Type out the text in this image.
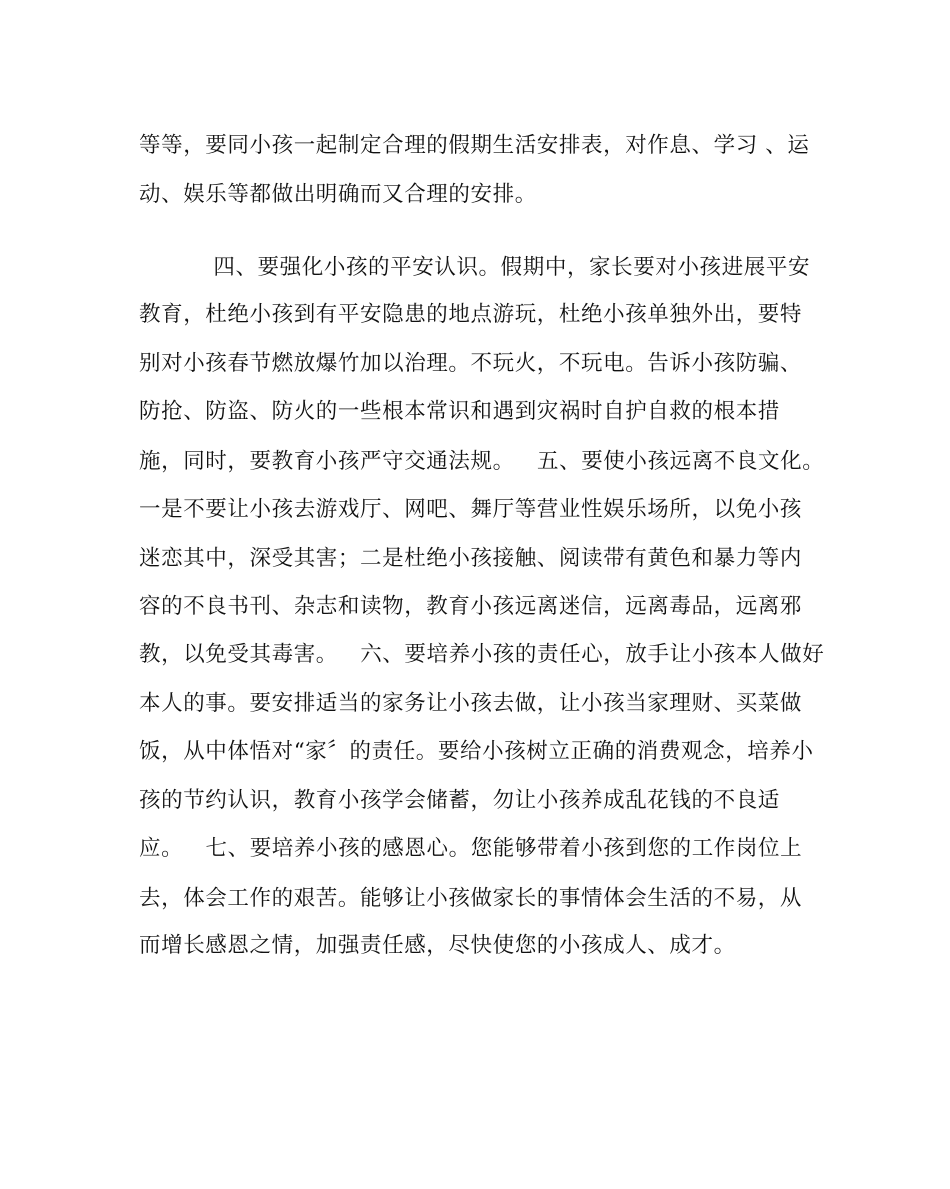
等等，要同小孩一起制定合理的假期生活安排表，对作息、学习 、运
动、娱乐等都做出明确而又合理的安排。
四、要强化小孩的平安认识。假期中，家长要对小孩进展平安
教育，杜绝小孩到有平安隐患的地点游玩，杜绝小孩单独外出，要特
别对小孩春节燃放爆竹加以治理。不玩火，不玩电。告诉小孩防骗、
防抢、防盗、防火的一些根本常识和遇到灾祸时自护自救的根本措
施，同时，要教育小孩严守交通法规。   五、要使小孩远离不良文化。
一是不要让小孩去游戏厅、网吧、舞厅等营业性娱乐场所，以免小孩
迷恋其中，深受其害；二是杜绝小孩接触、阅读带有黄色和暴力等内
容的不良书刊、杂志和读物，教育小孩远离迷信，远离毒品，远离邪
教，以免受其毒害。   六、要培养小孩的责任心，放手让小孩本人做好
本人的事。要安排适当的家务让小孩去做，让小孩当家理财、买菜做
饭，从中体悟对“家〞的责任。要给小孩树立正确的消费观念，培养小
孩的节约认识，教育小孩学会储蓄，勿让小孩养成乱花钱的不良适
应。   七、要培养小孩的感恩心。您能够带着小孩到您的工作岗位上
去，体会工作的艰苦。能够让小孩做家长的事情体会生活的不易，从
而增长感恩之情，加强责任感，尽快使您的小孩成人、成才。
